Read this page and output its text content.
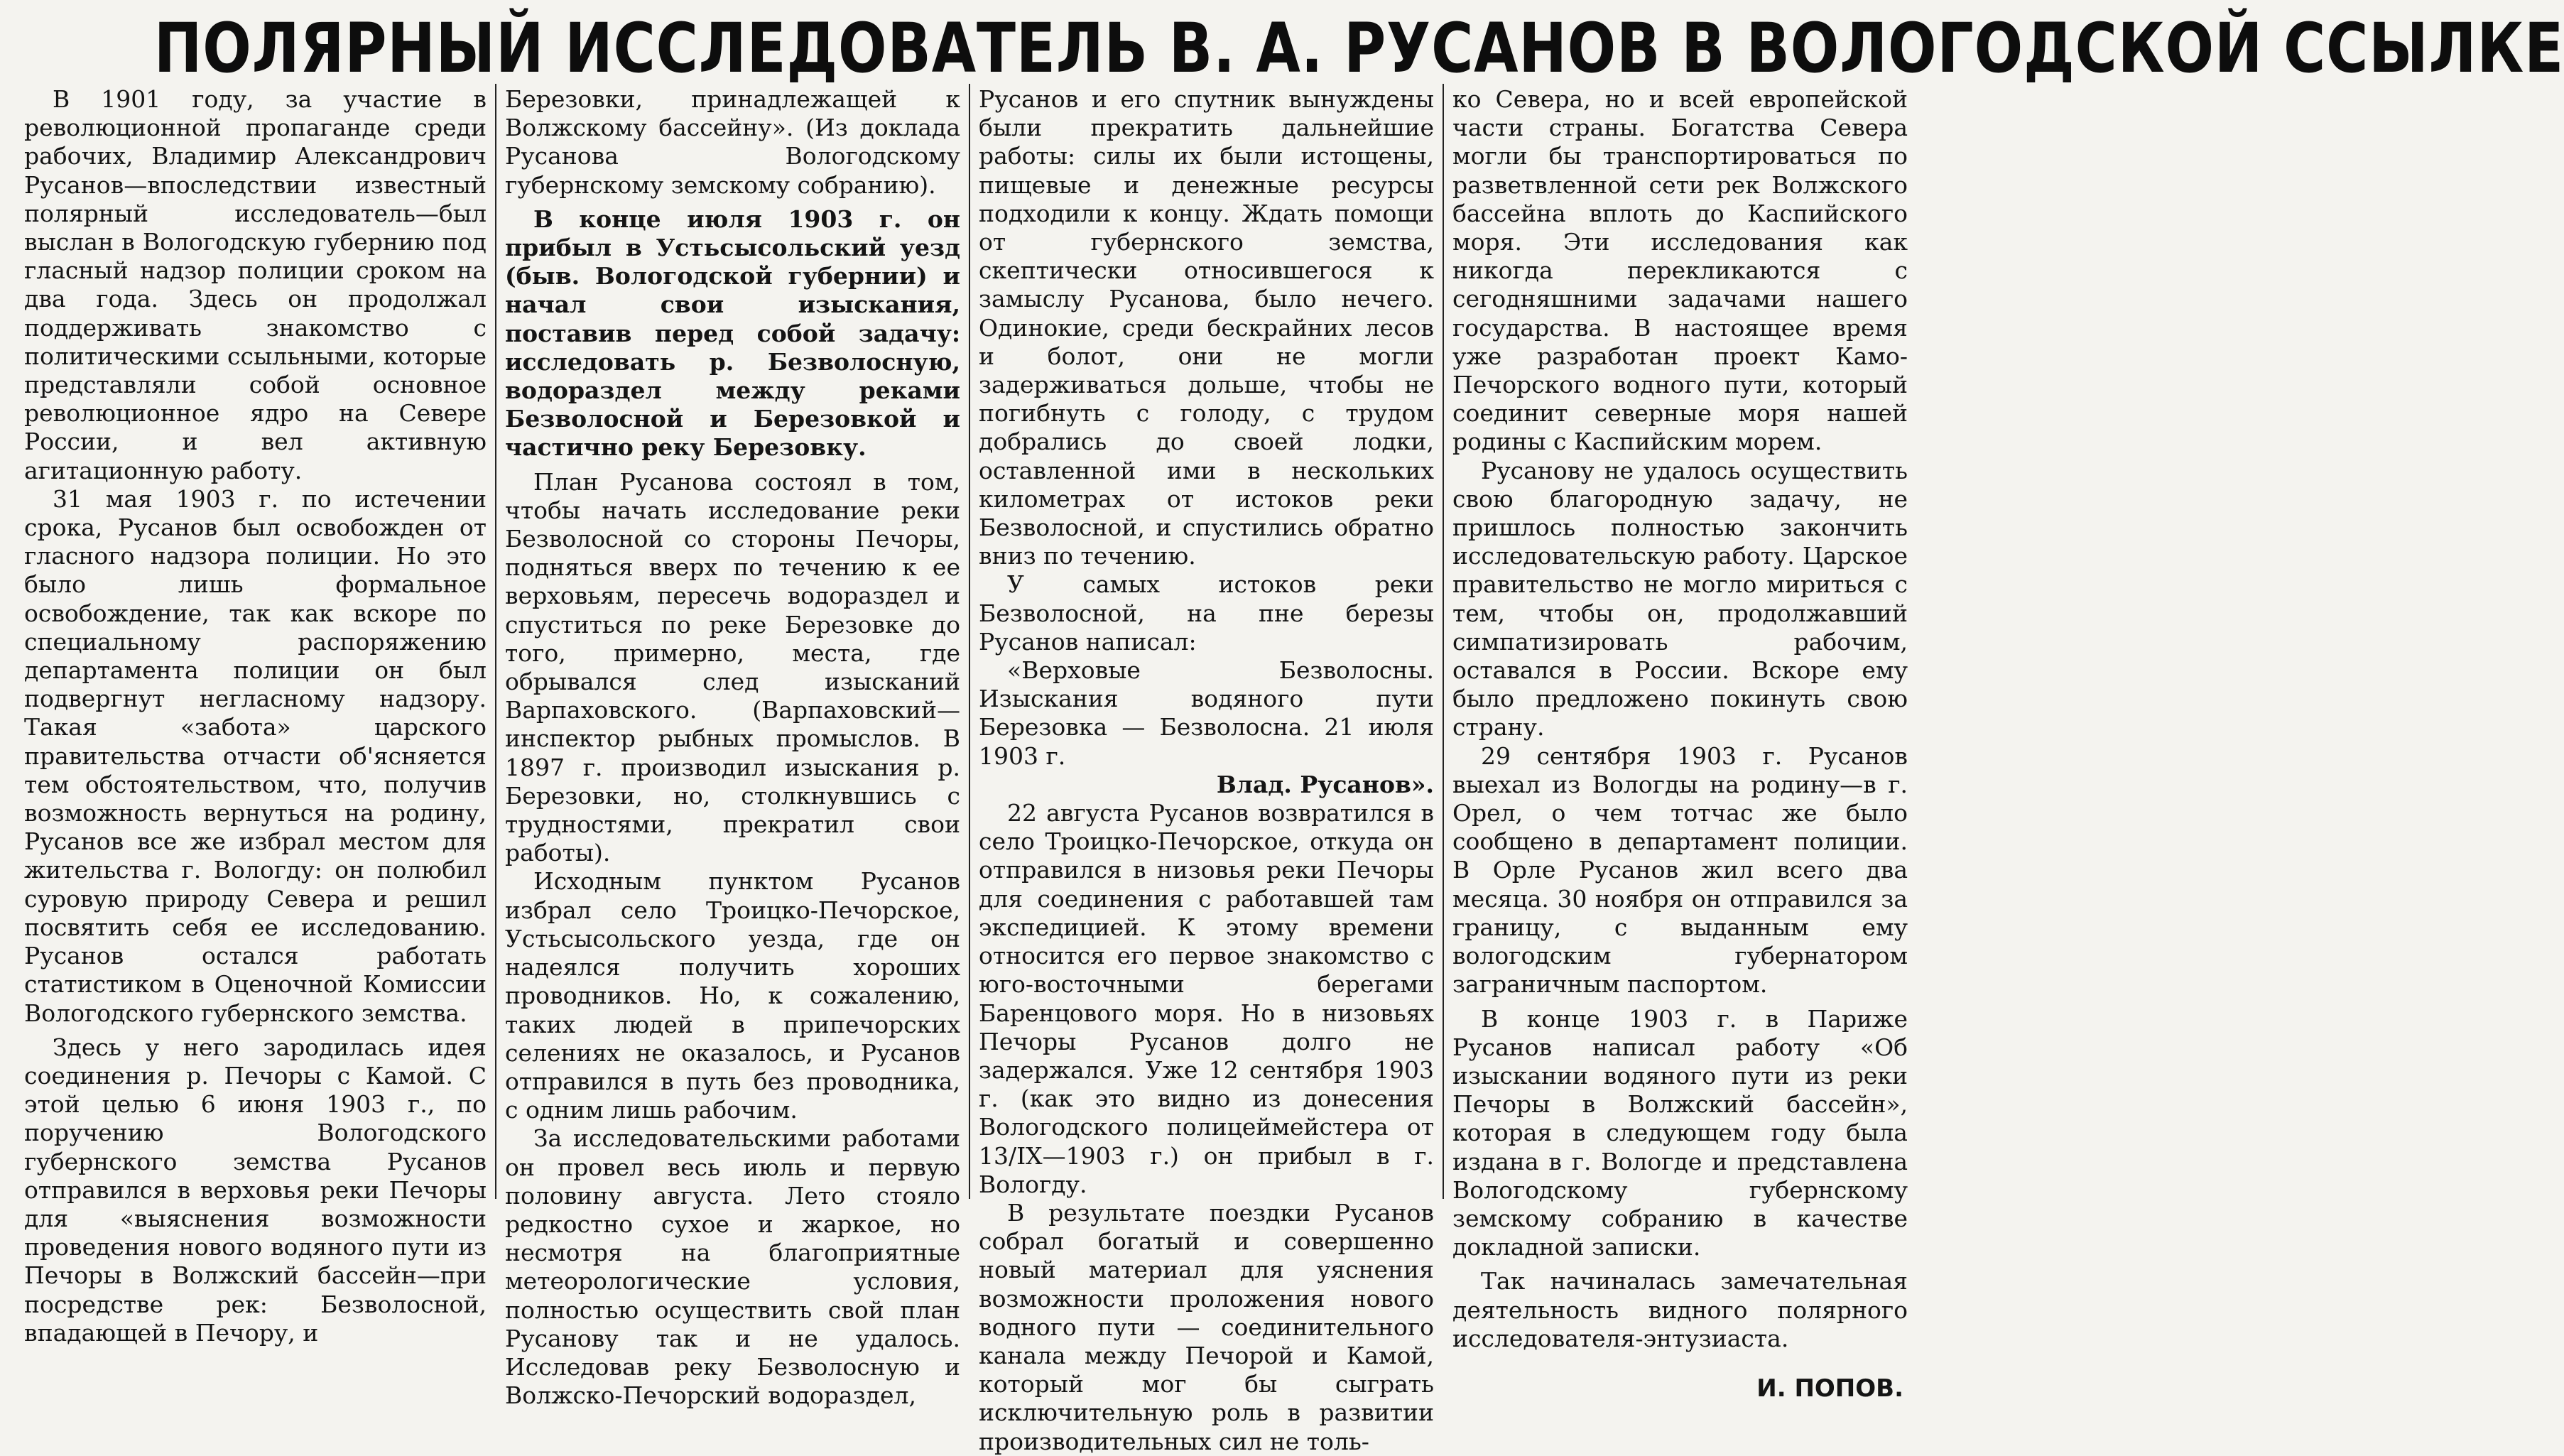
ПОЛЯРНЫЙ ИССЛЕДОВАТЕЛЬ В. А. РУСАНОВ В ВОЛОГОДСКОЙ ССЫЛКЕ

В 1901 году, за участие в революционной пропаганде среди рабочих, Владимир Александрович Русанов—впоследствии известный полярный исследователь—был выслан в Вологодскую губернию под гласный надзор полиции сроком на два года. Здесь он продолжал поддерживать знакомство с политическими ссыльными, которые представляли собой основное революционное ядро на Севере России, и вел активную агитационную работу.

31 мая 1903 г. по истечении срока, Русанов был освобожден от гласного надзора полиции. Но это было лишь формальное освобождение, так как вскоре по специальному распоряжению департамента полиции он был подвергнут негласному надзору. Такая «забота» царского правительства отчасти об'ясняется тем обстоятельством, что, получив возможность вернуться на родину, Русанов все же избрал местом для жительства г. Вологду: он полюбил суровую природу Севера и решил посвятить себя ее исследованию. Русанов остался работать статистиком в Оценочной Комиссии Вологодского губернского земства.

Здесь у него зародилась идея соединения р. Печоры с Камой. С этой целью 6 июня 1903 г., по поручению Вологодского губернского земства Русанов отправился в верховья реки Печоры для «выяснения возможности проведения нового водяного пути из Печоры в Волжский бассейн—при посредстве рек: Безволосной, впадающей в Печору, и

Березовки, принадлежащей к Волжскому бассейну». (Из доклада Русанова Вологодскому губернскому земскому собранию).

В конце июля 1903 г. он прибыл в Устьсысольский уезд (быв. Вологодской губернии) и начал свои изыскания, поставив перед собой задачу: исследовать р. Безволосную, водораздел между реками Безволосной и Березовкой и частично реку Березовку.

План Русанова состоял в том, чтобы начать исследование реки Безволосной со стороны Печоры, подняться вверх по течению к ее верховьям, пересечь водораздел и спуститься по реке Березовке до того, примерно, места, где обрывался след изысканий Варпаховского. (Варпаховский—инспектор рыбных промыслов. В 1897 г. производил изыскания р. Березовки, но, столкнувшись с трудностями, прекратил свои работы).

Исходным пунктом Русанов избрал село Троицко-Печорское, Устьсысольского уезда, где он надеялся получить хороших проводников. Но, к сожалению, таких людей в припечорских селениях не оказалось, и Русанов отправился в путь без проводника, с одним лишь рабочим.

За исследовательскими работами он провел весь июль и первую половину августа. Лето стояло редкостно сухое и жаркое, но несмотря на благоприятные метеорологические условия, полностью осуществить свой план Русанову так и не удалось. Исследовав реку Безволосную и Волжско-Печорский водораздел,

Русанов и его спутник вынуждены были прекратить дальнейшие работы: силы их были истощены, пищевые и денежные ресурсы подходили к концу. Ждать помощи от губернского земства, скептически относившегося к замыслу Русанова, было нечего. Одинокие, среди бескрайних лесов и болот, они не могли задерживаться дольше, чтобы не погибнуть с голоду, с трудом добрались до своей лодки, оставленной ими в нескольких километрах от истоков реки Безволосной, и спустились обратно вниз по течению.

У самых истоков реки Безволосной, на пне березы Русанов написал:

«Верховые Безволосны. Изыскания водяного пути Березовка — Безволосна. 21 июля 1903 г.

Влад. Русанов».

22 августа Русанов возвратился в село Троицко-Печорское, откуда он отправился в низовья реки Печоры для соединения с работавшей там экспедицией. К этому времени относится его первое знакомство с юго-восточными берегами Баренцового моря. Но в низовьях Печоры Русанов долго не задержался. Уже 12 сентября 1903 г. (как это видно из донесения Вологодского полицеймейстера от 13/IX—1903 г.) он прибыл в г. Вологду.

В результате поездки Русанов собрал богатый и совершенно новый материал для уяснения возможности проложения нового водного пути — соединительного канала между Печорой и Камой, который мог бы сыграть исключительную роль в развитии производительных сил не толь-

ко Севера, но и всей европейской части страны. Богатства Севера могли бы транспортироваться по разветвленной сети рек Волжского бассейна вплоть до Каспийского моря. Эти исследования как никогда перекликаются с сегодняшними задачами нашего государства. В настоящее время уже разработан проект Камо-Печорского водного пути, который соединит северные моря нашей родины с Каспийским морем.

Русанову не удалось осуществить свою благородную задачу, не пришлось полностью закончить исследовательскую работу. Царское правительство не могло мириться с тем, чтобы он, продолжавший симпатизировать рабочим, оставался в России. Вскоре ему было предложено покинуть свою страну.

29 сентября 1903 г. Русанов выехал из Вологды на родину—в г. Орел, о чем тотчас же было сообщено в департамент полиции. В Орле Русанов жил всего два месяца. 30 ноября он отправился за границу, с выданным ему вологодским губернатором заграничным паспортом.

В конце 1903 г. в Париже Русанов написал работу «Об изыскании водяного пути из реки Печоры в Волжский бассейн», которая в следующем году была издана в г. Вологде и представлена Вологодскому губернскому земскому собранию в качестве докладной записки.

Так начиналась замечательная деятельность видного полярного исследователя-энтузиаста.

И. ПОПОВ.
